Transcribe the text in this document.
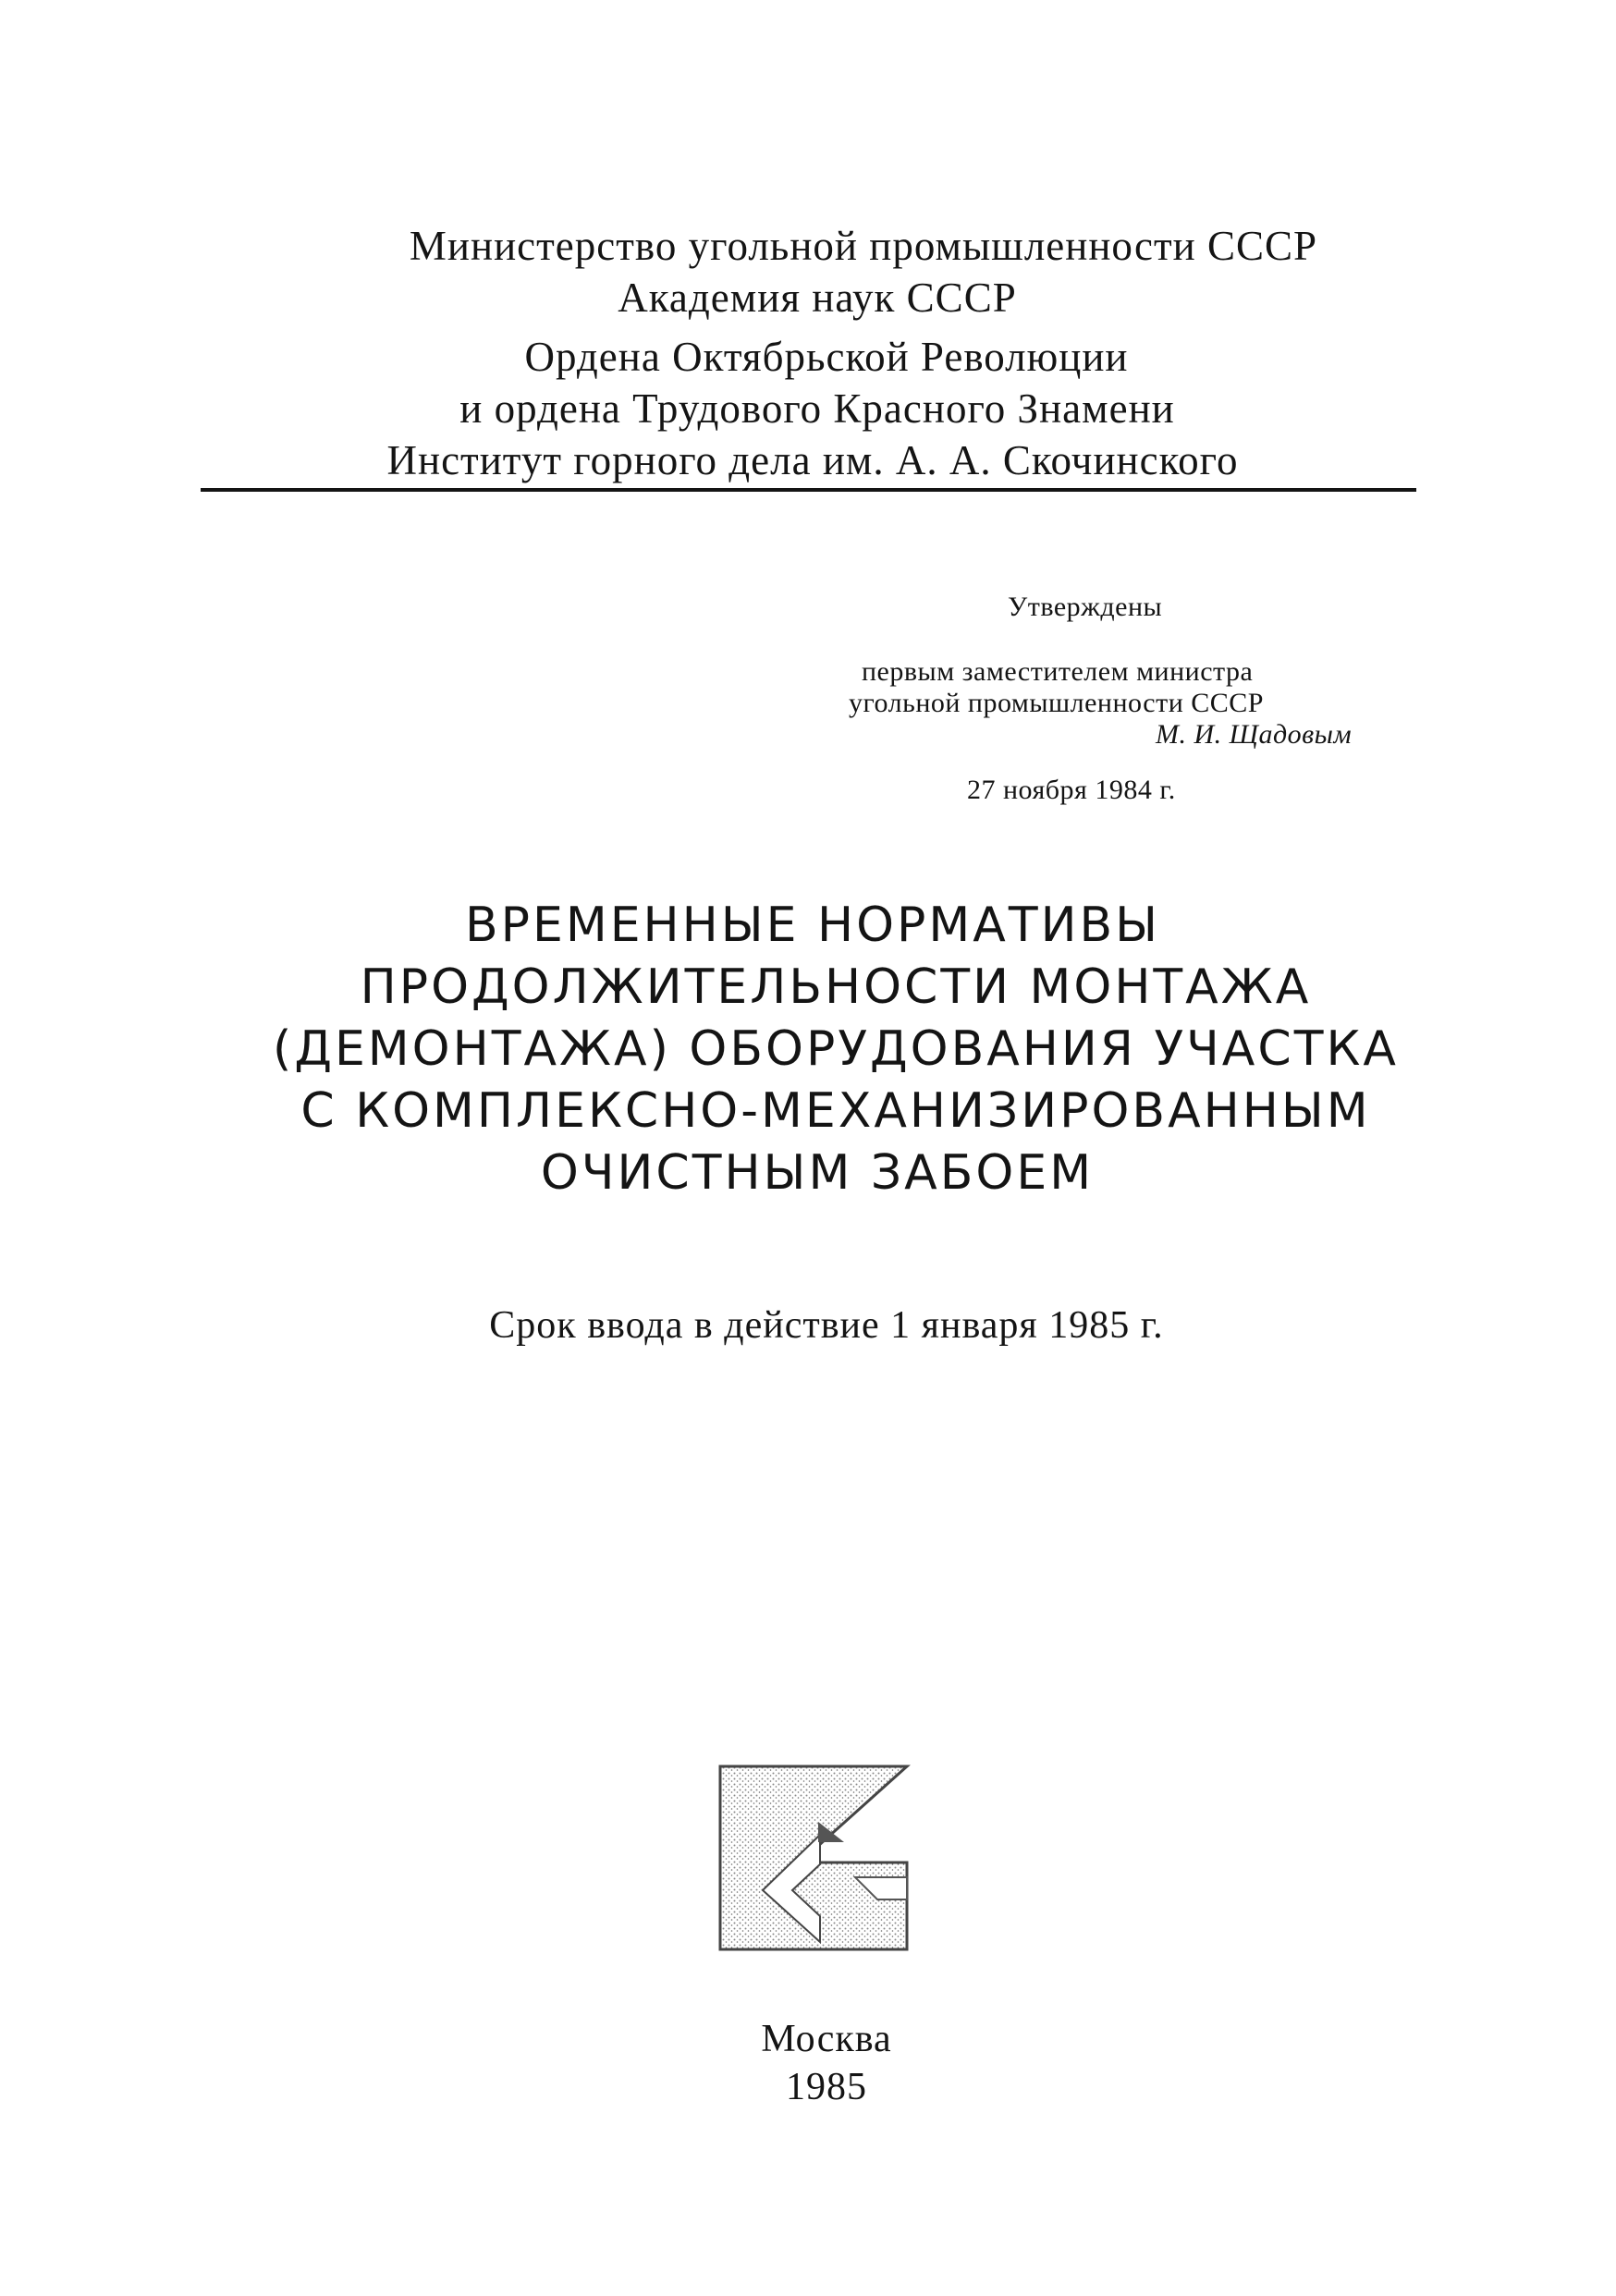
Министерство угольной промышленности СССР
Академия наук СССР
Ордена Октябрьской Революции
и ордена Трудового Красного Знамени
Институт горного дела им. А. А. Скочинского
Утверждены
первым заместителем министра
угольной промышленности СССР
М. И. Щадовым
27 ноября 1984 г.
ВРЕМЕННЫЕ НОРМАТИВЫ
ПРОДОЛЖИТЕЛЬНОСТИ МОНТАЖА
(ДЕМОНТАЖА) ОБОРУДОВАНИЯ УЧАСТКА
С КОМПЛЕКСНО-МЕХАНИЗИРОВАННЫМ
ОЧИСТНЫМ ЗАБОЕМ
Срок ввода в действие 1 января 1985 г.
Москва
1985
